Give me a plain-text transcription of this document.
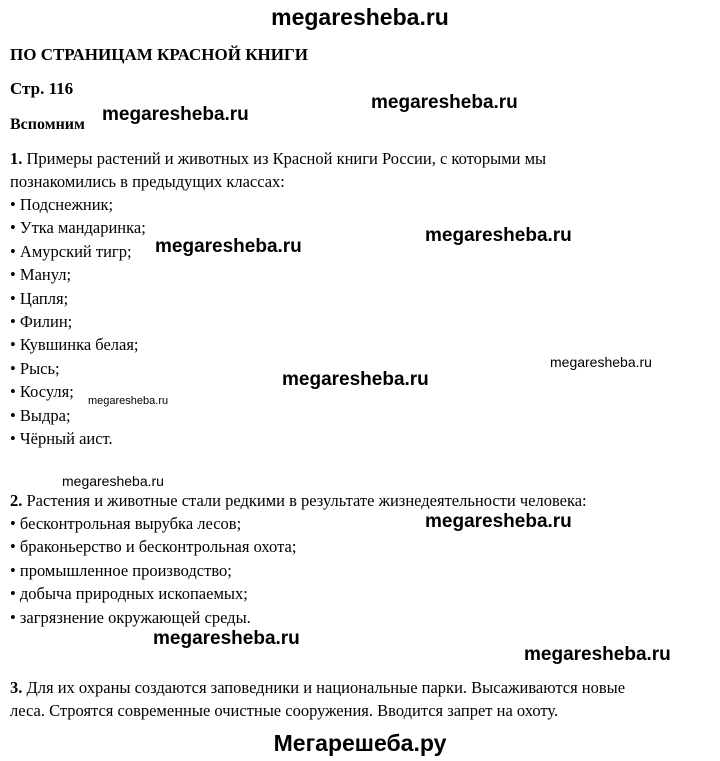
megaresheba.ru
ПО СТРАНИЦАМ КРАСНОЙ КНИГИ
Стр. 116
Вспомним megaresheba.ru
megaresheba.ru
1. Примеры растений и животных из Красной книги России, с которыми мы
познакомились в предыдущих классах:
• Подснежник;
• Утка мандаринка;
• Амурский тигр;
• Манул;
• Цапля;
• Филин;
• Кувшинка белая;
• Рысь;
• Косуля;
• Выдра;
• Чёрный аист.
megaresheba.ru
megaresheba.ru
megaresheba.ru
megaresheba.ru
megaresheba.ru
megaresheba.ru
2. Растения и животные стали редкими в результате жизнедеятельности человека:
• бесконтрольная вырубка лесов;
• браконьерство и бесконтрольная охота;
• промышленное производство;
• добыча природных ископаемых;
• загрязнение окружающей среды.
megaresheba.ru
megaresheba.ru
megaresheba.ru
3. Для их охраны создаются заповедники и национальные парки. Высаживаются новые
леса. Строятся современные очистные сооружения. Вводится запрет на охоту.
Мегарешеба.ру
